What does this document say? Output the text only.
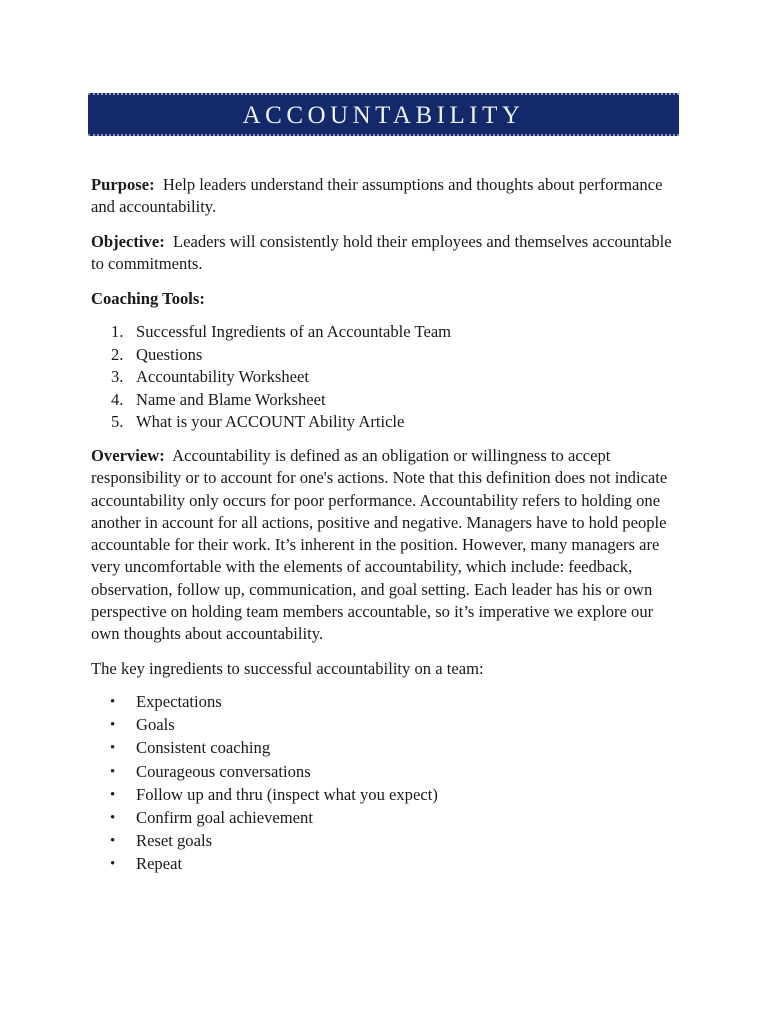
ACCOUNTABILITY

Purpose: Help leaders understand their assumptions and thoughts about performance and accountability.

Objective: Leaders will consistently hold their employees and themselves accountable to commitments.

Coaching Tools:

1. Successful Ingredients of an Accountable Team
2. Questions
3. Accountability Worksheet
4. Name and Blame Worksheet
5. What is your ACCOUNT Ability Article

Overview: Accountability is defined as an obligation or willingness to accept responsibility or to account for one's actions. Note that this definition does not indicate accountability only occurs for poor performance. Accountability refers to holding one another in account for all actions, positive and negative. Managers have to hold people accountable for their work. It’s inherent in the position. However, many managers are very uncomfortable with the elements of accountability, which include: feedback, observation, follow up, communication, and goal setting. Each leader has his or own perspective on holding team members accountable, so it’s imperative we explore our own thoughts about accountability.

The key ingredients to successful accountability on a team:

•	Expectations
•	Goals
•	Consistent coaching
•	Courageous conversations
•	Follow up and thru (inspect what you expect)
•	Confirm goal achievement
•	Reset goals
•	Repeat
